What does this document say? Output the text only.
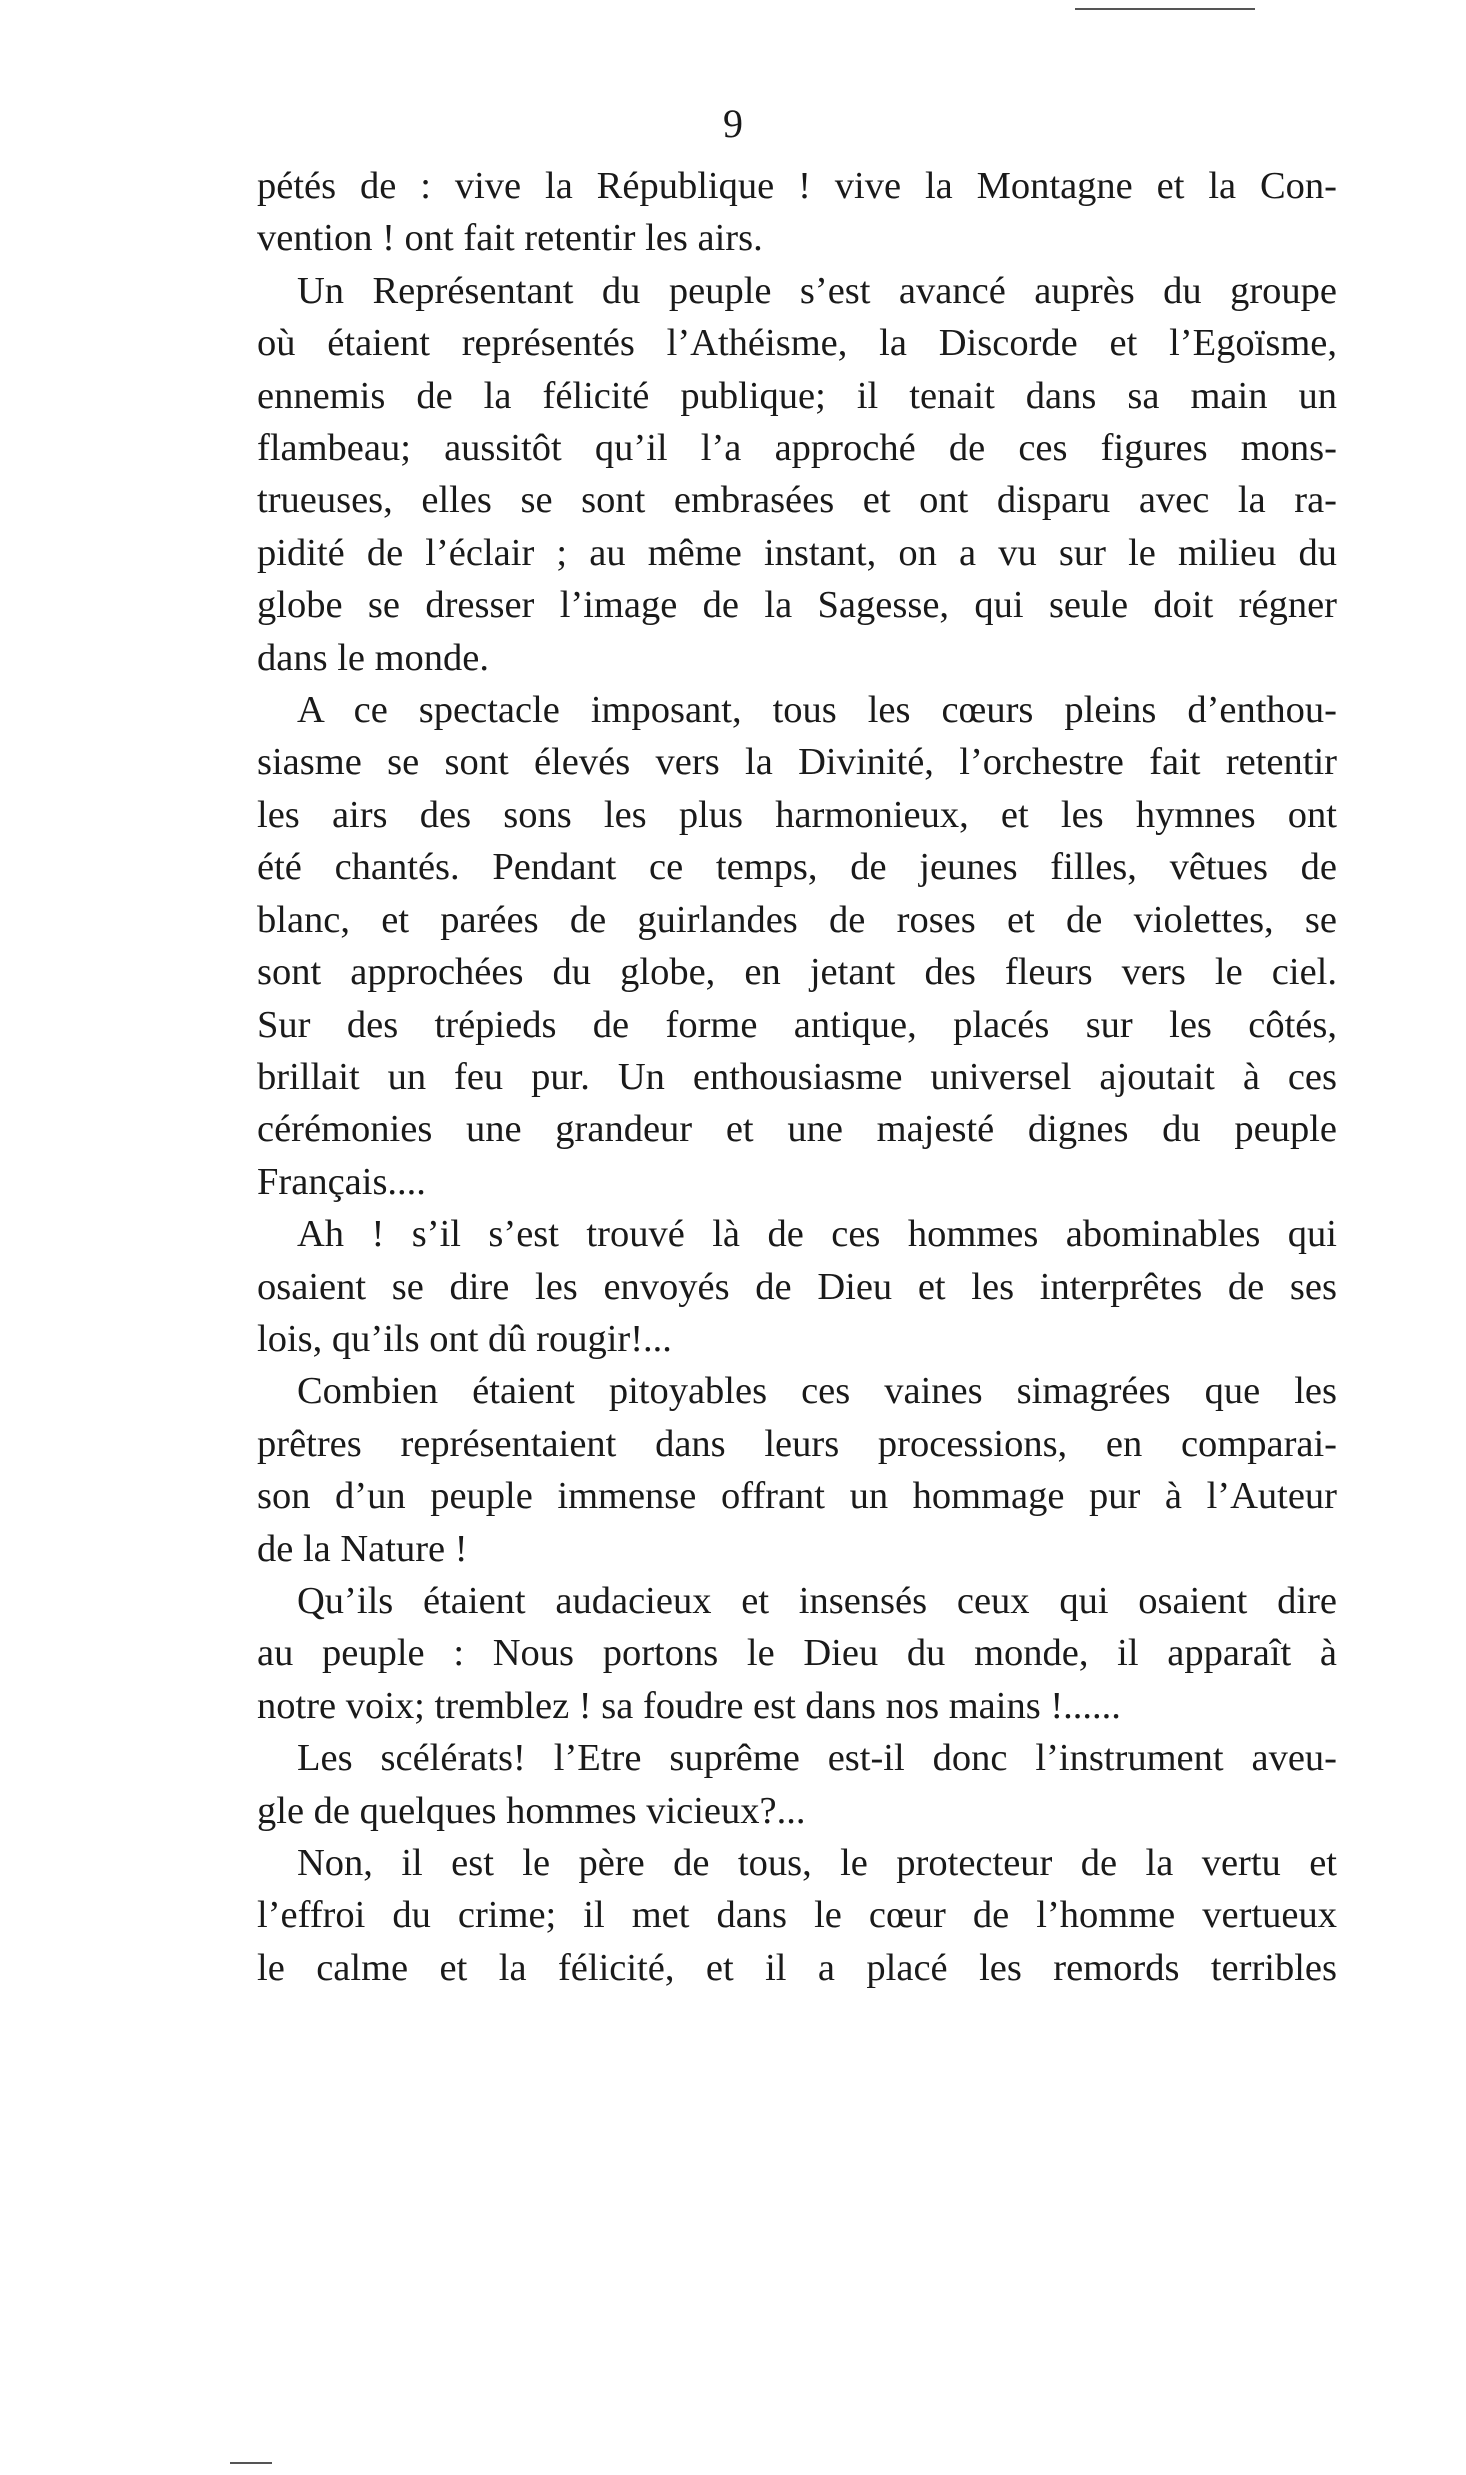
9
pétés de : vive la République ! vive la Montagne et la Con-
vention ! ont fait retentir les airs.
Un Représentant du peuple s’est avancé auprès du groupe
où étaient représentés l’Athéisme, la Discorde et l’Egoïsme,
ennemis de la félicité publique; il tenait dans sa main un
flambeau; aussitôt qu’il l’a approché de ces figures mons-
trueuses, elles se sont embrasées et ont disparu avec la ra-
pidité de l’éclair ; au même instant, on a vu sur le milieu du
globe se dresser l’image de la Sagesse, qui seule doit régner
dans le monde.
A ce spectacle imposant, tous les cœurs pleins d’enthou-
siasme se sont élevés vers la Divinité, l’orchestre fait retentir
les airs des sons les plus harmonieux, et les hymnes ont
été chantés. Pendant ce temps, de jeunes filles, vêtues de
blanc, et parées de guirlandes de roses et de violettes, se
sont approchées du globe, en jetant des fleurs vers le ciel.
Sur des trépieds de forme antique, placés sur les côtés,
brillait un feu pur. Un enthousiasme universel ajoutait à ces
cérémonies une grandeur et une majesté dignes du peuple
Français....
Ah ! s’il s’est trouvé là de ces hommes abominables qui
osaient se dire les envoyés de Dieu et les interprêtes de ses
lois, qu’ils ont dû rougir!...
Combien étaient pitoyables ces vaines simagrées que les
prêtres représentaient dans leurs processions, en comparai-
son d’un peuple immense offrant un hommage pur à l’Auteur
de la Nature !
Qu’ils étaient audacieux et insensés ceux qui osaient dire
au peuple : Nous portons le Dieu du monde, il apparaît à
notre voix; tremblez ! sa foudre est dans nos mains !......
Les scélérats! l’Etre suprême est-il donc l’instrument aveu-
gle de quelques hommes vicieux?...
Non, il est le père de tous, le protecteur de la vertu et
l’effroi du crime; il met dans le cœur de l’homme vertueux
le calme et la félicité, et il a placé les remords terribles
